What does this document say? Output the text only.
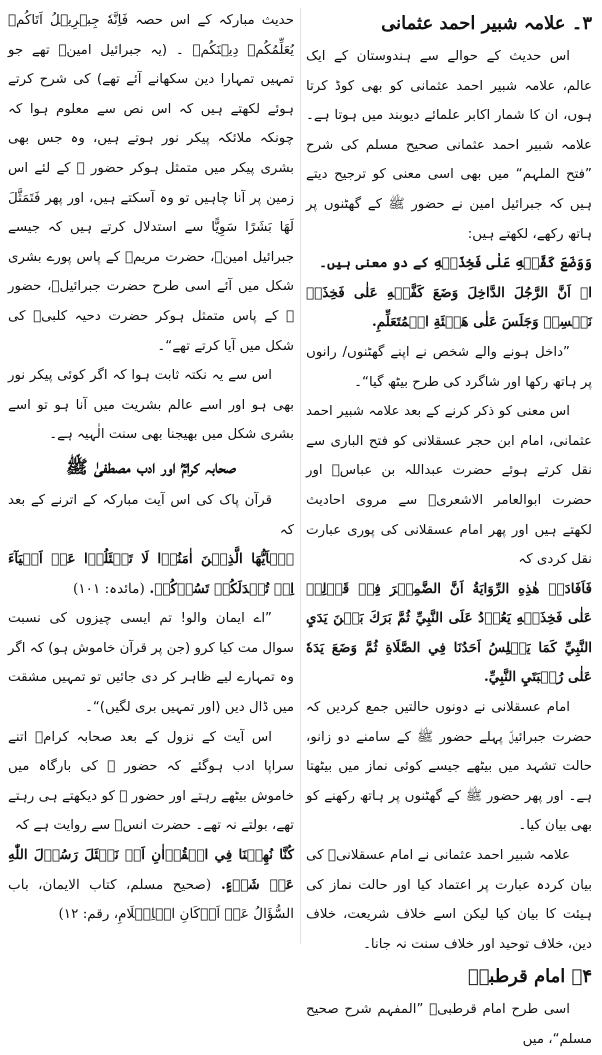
۳۔ علامہ شبیر احمد عثمانی

اس حدیث کے حوالے سے ہندوستان کے ایک عالم، علامہ شبیر احمد عثمانی کو بھی کوڈ کرتا ہوں، ان کا شمار اکابر علمائے دیوبند میں ہوتا ہے۔ علامہ شبیر احمد عثمانی صحیح مسلم کی شرح ”فتح الملہم“ میں بھی اسی معنی کو ترجیح دیتے ہیں کہ جبرائیل امین نے حضور ﷺ کے گھٹنوں پر ہاتھ رکھے، لکھتے ہیں:

وَوَضَعَ كَفَّيۡهِ عَلٰى فَخِذَيۡهِ کے دو معنی ہیں۔

ا۔ اَنَّ الرَّجُلَ الدَّاخِلَ وَضَعَ كَفَّيۡهِ عَلٰى فَخِذَيۡ نَفۡسِهٖ وَجَلَسَ عَلٰى هَيۡئَةِ الۡمُتَعَلِّمِ.

”داخل ہونے والے شخص نے اپنے گھٹنوں/ رانوں پر ہاتھ رکھا اور شاگرد کی طرح بیٹھ گیا“۔

اس معنی کو ذکر کرنے کے بعد علامہ شبیر احمد عثمانی، امام ابن حجر عسقلانی کو فتح الباری سے نقل کرتے ہوئے حضرت عبداللہ بن عباسؓ اور حضرت ابوالعامر الاشعریؓ سے مروی احادیث لکھتے ہیں اور پھر امام عسقلانی کی پوری عبارت نقل کردی کہ

فَاَفَادَتۡ هٰذِهِ الرِّوَايَةُ اَنَّ الضَّمِيۡرَ فِيۡ قَوۡلِهٖ عَلٰى فَخِذَيۡهِ يَعُوۡدُ عَلَى النَّبِيِّ ثُمَّ بَرَكَ بَيۡنَ يَدَيِ النَّبِيِّ كَمَا يَجۡلِسُ اَحَدُنَا فِي الصَّلَاةِ ثُمَّ وَضَعَ يَدَهٗ عَلٰى رُكۡبَتَيِ النَّبِيِّ.

امام عسقلانی نے دونوں حالتیں جمع کردیں کہ حضرت جبرائیلؑ پہلے حضور ﷺ کے سامنے دو زانو، حالت تشہد میں بیٹھے جیسے کوئی نماز میں بیٹھتا ہے۔ اور پھر حضور ﷺ کے گھٹنوں پر ہاتھ رکھنے کو بھی بیان کیا۔

علامہ شبیر احمد عثمانی نے امام عسقلانیؒ کی بیان کردہ عبارت پر اعتماد کیا اور حالت نماز کی ہیئت کا بیان کیا لیکن اسے خلاف شریعت، خلاف دین، خلاف توحید اور خلاف سنت نہ جانا۔

۴۔ امام قرطبیؒ

اسی طرح امام قرطبیؒ ”المفہم شرح صحیح مسلم“، میں

حدیث مبارکہ کے اس حصہ فَاِنَّهٗ جِبۡرِيۡلُ اَتَاكُمۡ يُعَلِّمُكُمۡ دِيۡنَكُمۡ ۔ (یہ جبرائیل امینؑ تھے جو تمہیں تمہارا دین سکھانے آئے تھے) کی شرح کرتے ہوئے لکھتے ہیں کہ اس نص سے معلوم ہوا کہ چونکہ ملائکہ پیکر نور ہوتے ہیں، وہ جس بھی بشری پیکر میں متمثل ہوکر حضور ﷺ کے لئے اس زمین پر آنا چاہیں تو وہ آسکتے ہیں، اور پھر فَتَمَثَّلَ لَهَا بَشَرًا سَوِيًّا سے استدلال کرتے ہیں کہ جیسے جبرائیل امینؑ، حضرت مریمؑ کے پاس پورے بشری شکل میں آئے اسی طرح حضرت جبرائیلؑ، حضور ﷺ کے پاس متمثل ہوکر حضرت دحیہ کلبیؓ کی شکل میں آیا کرتے تھے“۔

اس سے یہ نکتہ ثابت ہوا کہ اگر کوئی پیکر نور بھی ہو اور اسے عالم بشریت میں آنا ہو تو اسے بشری شکل میں بھیجنا بھی سنت الٰہیہ ہے۔

صحابہ کرامؓ اور ادب مصطفیٰ ﷺ

قرآن پاک کی اس آیت مبارکہ کے اترنے کے بعد کہ

يٰۤاَيُّهَا الَّذِيۡنَ اٰمَنُوۡا لَا تَسۡئَلُوۡا عَنۡ اَشۡيَآءَ اِنۡ تُبۡدَلَكُمۡ تَسُؤۡكُمۡ. (مائدہ: ۱۰۱)

”اے ایمان والو! تم ایسی چیزوں کی نسبت سوال مت کیا کرو (جن پر قرآن خاموش ہو) کہ اگر وہ تمہارے لیے ظاہر کر دی جائیں تو تمہیں مشقت میں ڈال دیں (اور تمہیں بری لگیں)“۔

اس آیت کے نزول کے بعد صحابہ کرامؓ اتنے سراپا ادب ہوگئے کہ حضور ﷺ کی بارگاہ میں خاموش بیٹھے رہتے اور حضور ﷺ کو دیکھتے ہی رہتے تھے، بولتے نہ تھے۔ حضرت انسؓ سے روایت ہے کہ

كُنَّا نُهِيۡنَا فِي الۡقُرۡاٰنِ اَنۡ نَسۡئَلَ رَسُوۡلَ اللّٰهِ عَنۡ شَيۡءٍ. (صحیح مسلم، کتاب الایمان، باب السُّؤَالُ عَنۡ اَرۡكَانِ الۡاِسۡلَامِ، رقم: ۱۲)
